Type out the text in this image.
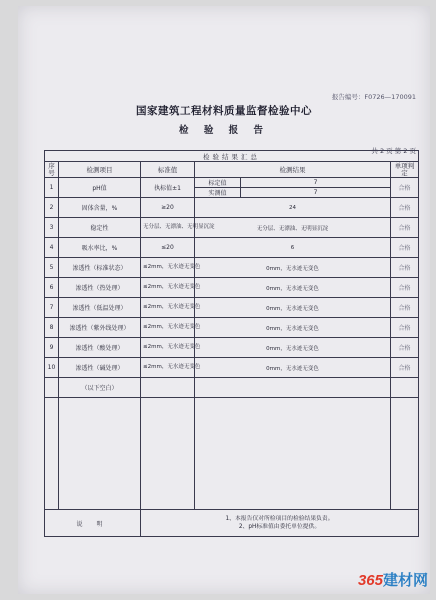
报告编号：F0726—170091
国家建筑工程材料质量监督检验中心
检 验 报 告
共 2 页 第 2 页
检验结果汇总					
序号	检测项目	标准值	检测结果		单项判定
1	pH值	执标值±1	标定值	7	合格
			实测值	7	
2	固体含量，%	≥20	24		合格
3	稳定性	无分层、无漂油、无明显沉淀	无分层、无漂油、无明显沉淀		合格
4	吸水率比，%	≤20	6		合格
5	渗透性（标准状态）	≤2mm，无水迹无变色	0mm，无水迹无变色		合格
6	渗透性（热处理）	≤2mm，无水迹无变色	0mm，无水迹无变色		合格
7	渗透性（低温处理）	≤2mm，无水迹无变色	0mm，无水迹无变色		合格
8	渗透性（紫外线处理）	≤2mm，无水迹无变色	0mm，无水迹无变色		合格
9	渗透性（酸处理）	≤2mm，无水迹无变色	0mm，无水迹无变色		合格
10	渗透性（碱处理）	≤2mm，无水迹无变色	0mm，无水迹无变色		合格
	（以下空白）				

说 明		1、本报告仅对所检项目的检验结果负责。
2、pH标准值由委托单位提供。			
365建材网
